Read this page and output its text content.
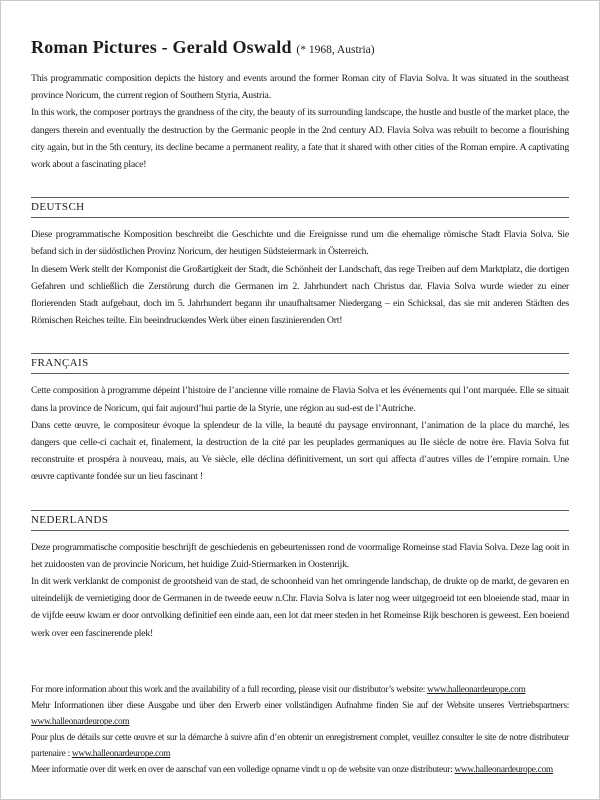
Roman Pictures - Gerald Oswald (* 1968, Austria)

This programmatic composition depicts the history and events around the former Roman city of Flavia Solva. It was situated in the southeast province Noricum, the current region of Southern Styria, Austria.

In this work, the composer portrays the grandness of the city, the beauty of its surrounding landscape, the hustle and bustle of the market place, the dangers therein and eventually the destruction by the Germanic people in the 2nd century AD. Flavia Solva was rebuilt to become a flourishing city again, but in the 5th century, its decline became a permanent reality, a fate that it shared with other cities of the Roman empire. A captivating work about a fascinating place!

DEUTSCH

Diese programmatische Komposition beschreibt die Geschichte und die Ereignisse rund um die ehemalige römische Stadt Flavia Solva. Sie befand sich in der südöstlichen Provinz Noricum, der heutigen Südsteiermark in Österreich.

In diesem Werk stellt der Komponist die Großartigkeit der Stadt, die Schönheit der Landschaft, das rege Treiben auf dem Marktplatz, die dortigen Gefahren und schließlich die Zerstörung durch die Germanen im 2. Jahrhundert nach Christus dar. Flavia Solva wurde wieder zu einer florierenden Stadt aufgebaut, doch im 5. Jahrhundert begann ihr unaufhaltsamer Niedergang – ein Schicksal, das sie mit anderen Städten des Römischen Reiches teilte. Ein beeindruckendes Werk über einen faszinierenden Ort!

FRANÇAIS

Cette composition à programme dépeint l’histoire de l’ancienne ville romaine de Flavia Solva et les événements qui l’ont marquée. Elle se situait dans la province de Noricum, qui fait aujourd’hui partie de la Styrie, une région au sud-est de l’Autriche.

Dans cette œuvre, le compositeur évoque la splendeur de la ville, la beauté du paysage environnant, l’animation de la place du marché, les dangers que celle-ci cachait et, finalement, la destruction de la cité par les peuplades germaniques au IIe siècle de notre ère. Flavia Solva fut reconstruite et prospéra à nouveau, mais, au Ve siècle, elle déclina définitivement, un sort qui affecta d’autres villes de l’empire romain. Une œuvre captivante fondée sur un lieu fascinant !

NEDERLANDS

Deze programmatische compositie beschrijft de geschiedenis en gebeurtenissen rond de voormalige Romeinse stad Flavia Solva. Deze lag ooit in het zuidoosten van de provincie Noricum, het huidige Zuid-Stiermarken in Oostenrijk.

In dit werk verklankt de componist de grootsheid van de stad, de schoonheid van het omringende landschap, de drukte op de markt, de gevaren en uiteindelijk de vernietiging door de Germanen in de tweede eeuw n.Chr. Flavia Solva is later nog weer uitgegroeid tot een bloeiende stad, maar in de vijfde eeuw kwam er door ontvolking definitief een einde aan, een lot dat meer steden in het Romeinse Rijk beschoren is geweest. Een boeiend werk over een fascinerende plek!

For more information about this work and the availability of a full recording, please visit our distributor’s website: www.halleonardeurope.com

Mehr Informationen über diese Ausgabe und über den Erwerb einer vollständigen Aufnahme finden Sie auf der Website unseres Vertriebspartners: www.halleonardeurope.com

Pour plus de détails sur cette œuvre et sur la démarche à suivre afin d’en obtenir un enregistrement complet, veuillez consulter le site de notre distributeur partenaire : www.halleonardeurope.com

Meer informatie over dit werk en over de aanschaf van een volledige opname vindt u op de website van onze distributeur: www.halleonardeurope.com
